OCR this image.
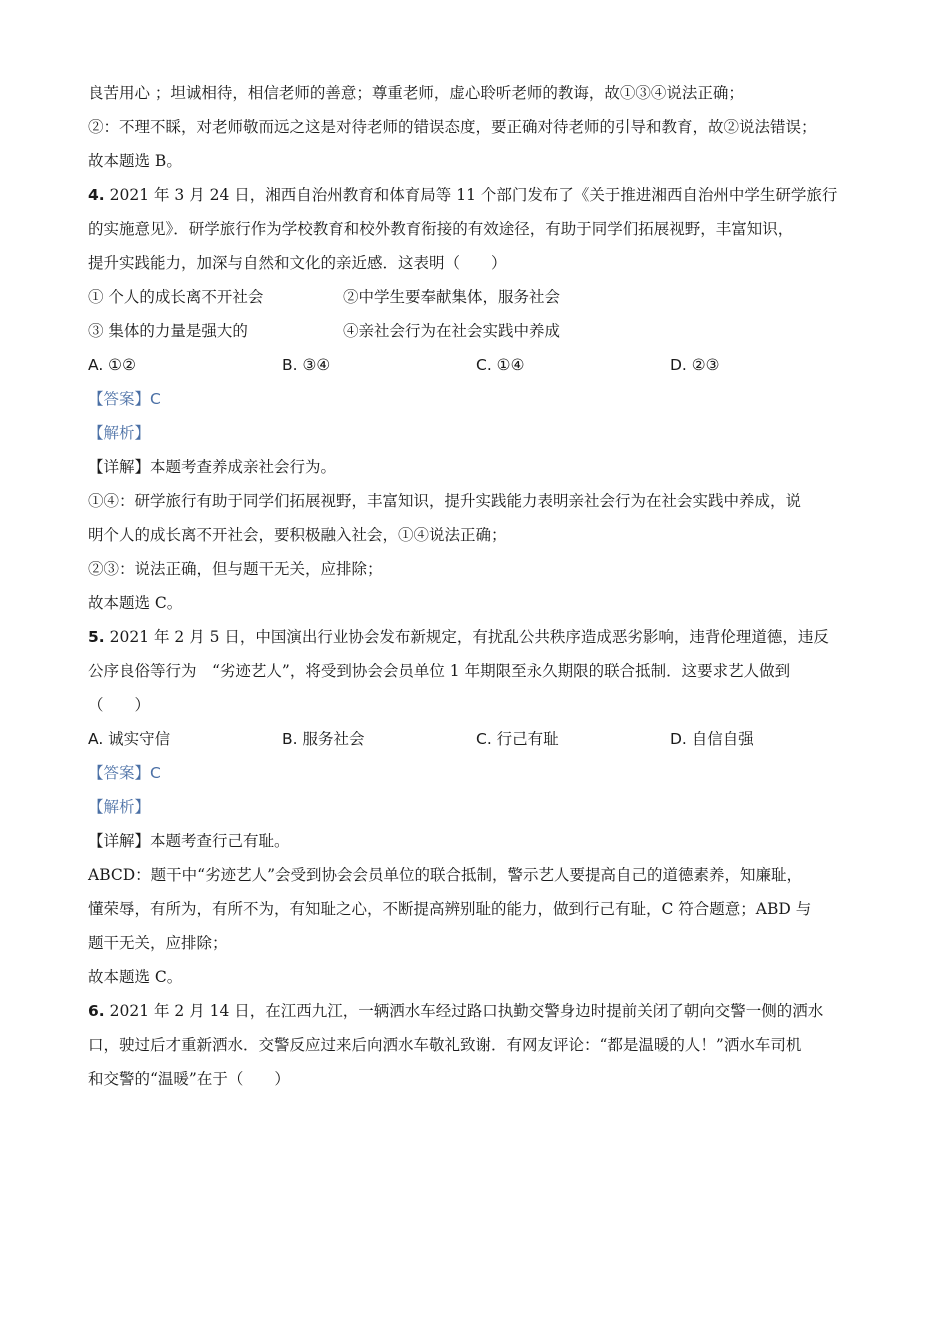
良苦用心 ；坦诚相待，相信老师的善意；尊重老师，虚心聆听老师的教诲，故①③④说法正确；
②：不理不睬，对老师敬而远之这是对待老师的错误态度，要正确对待老师的引导和教育，故②说法错误；
故本题选 B。
4. 2021 年 3 月 24 日，湘西自治州教育和体育局等 11 个部门发布了《关于推进湘西自治州中学生研学旅行
的实施意见》．研学旅行作为学校教育和校外教育衔接的有效途径，有助于同学们拓展视野，丰富知识，
提升实践能力，加深与自然和文化的亲近感．这表明（　　）
① 个人的成长离不开社会	②中学生要奉献集体，服务社会
③ 集体的力量是强大的	④亲社会行为在社会实践中养成
A. ①②	B. ③④	C. ①④	D. ②③
【答案】C
【解析】
【详解】本题考查养成亲社会行为。
①④：研学旅行有助于同学们拓展视野，丰富知识，提升实践能力表明亲社会行为在社会实践中养成，说
明个人的成长离不开社会，要积极融入社会，①④说法正确；
②③：说法正确，但与题干无关，应排除；
故本题选 C。
5. 2021 年 2 月 5 日，中国演出行业协会发布新规定，有扰乱公共秩序造成恶劣影响，违背伦理道德，违反
公序良俗等行为　“劣迹艺人”，将受到协会会员单位 1 年期限至永久期限的联合抵制．这要求艺人做到
（　　）
A. 诚实守信	B. 服务社会	C. 行己有耻	D. 自信自强
【答案】C
【解析】
【详解】本题考查行己有耻。
ABCD：题干中“劣迹艺人”会受到协会会员单位的联合抵制，警示艺人要提高自己的道德素养，知廉耻，
懂荣辱，有所为，有所不为，有知耻之心，不断提高辨别耻的能力，做到行己有耻，C 符合题意；ABD 与
题干无关，应排除；
故本题选 C。
6. 2021 年 2 月 14 日，在江西九江，一辆洒水车经过路口执勤交警身边时提前关闭了朝向交警一侧的洒水
口，驶过后才重新洒水．交警反应过来后向洒水车敬礼致谢．有网友评论：“都是温暖的人！”洒水车司机
和交警的“温暖”在于（　　）
